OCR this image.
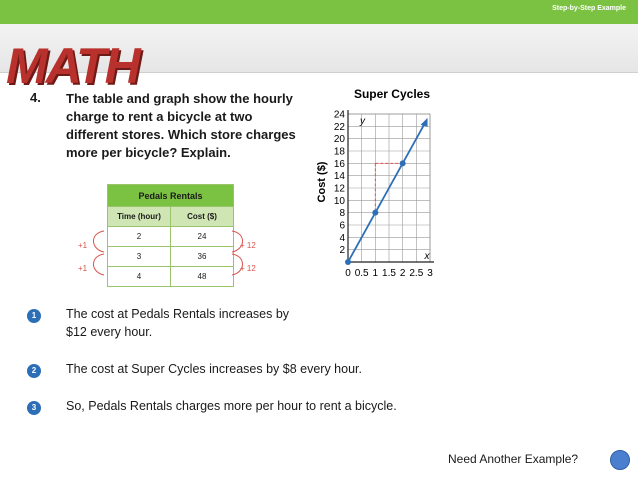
Step-by-Step Example
MATH
4. The table and graph show the hourly charge to rent a bicycle at two different stores. Which store charges more per bicycle? Explain.
Pedals Rentals	
Time (hour)	Cost ($)
2	24
3	36
4	48
+1
+1
+ 12
+ 12
Super Cycles
Cost ($)
x
y
0 0.5 1 1.5 2 2.5 3
2
4
6
8
10
12
14
16
18
20
22
24
1	The cost at Pedals Rentals increases by $12 every hour.
2	The cost at Super Cycles increases by $8 every hour.
3	So, Pedals Rentals charges more per hour to rent a bicycle.
Need Another Example?
